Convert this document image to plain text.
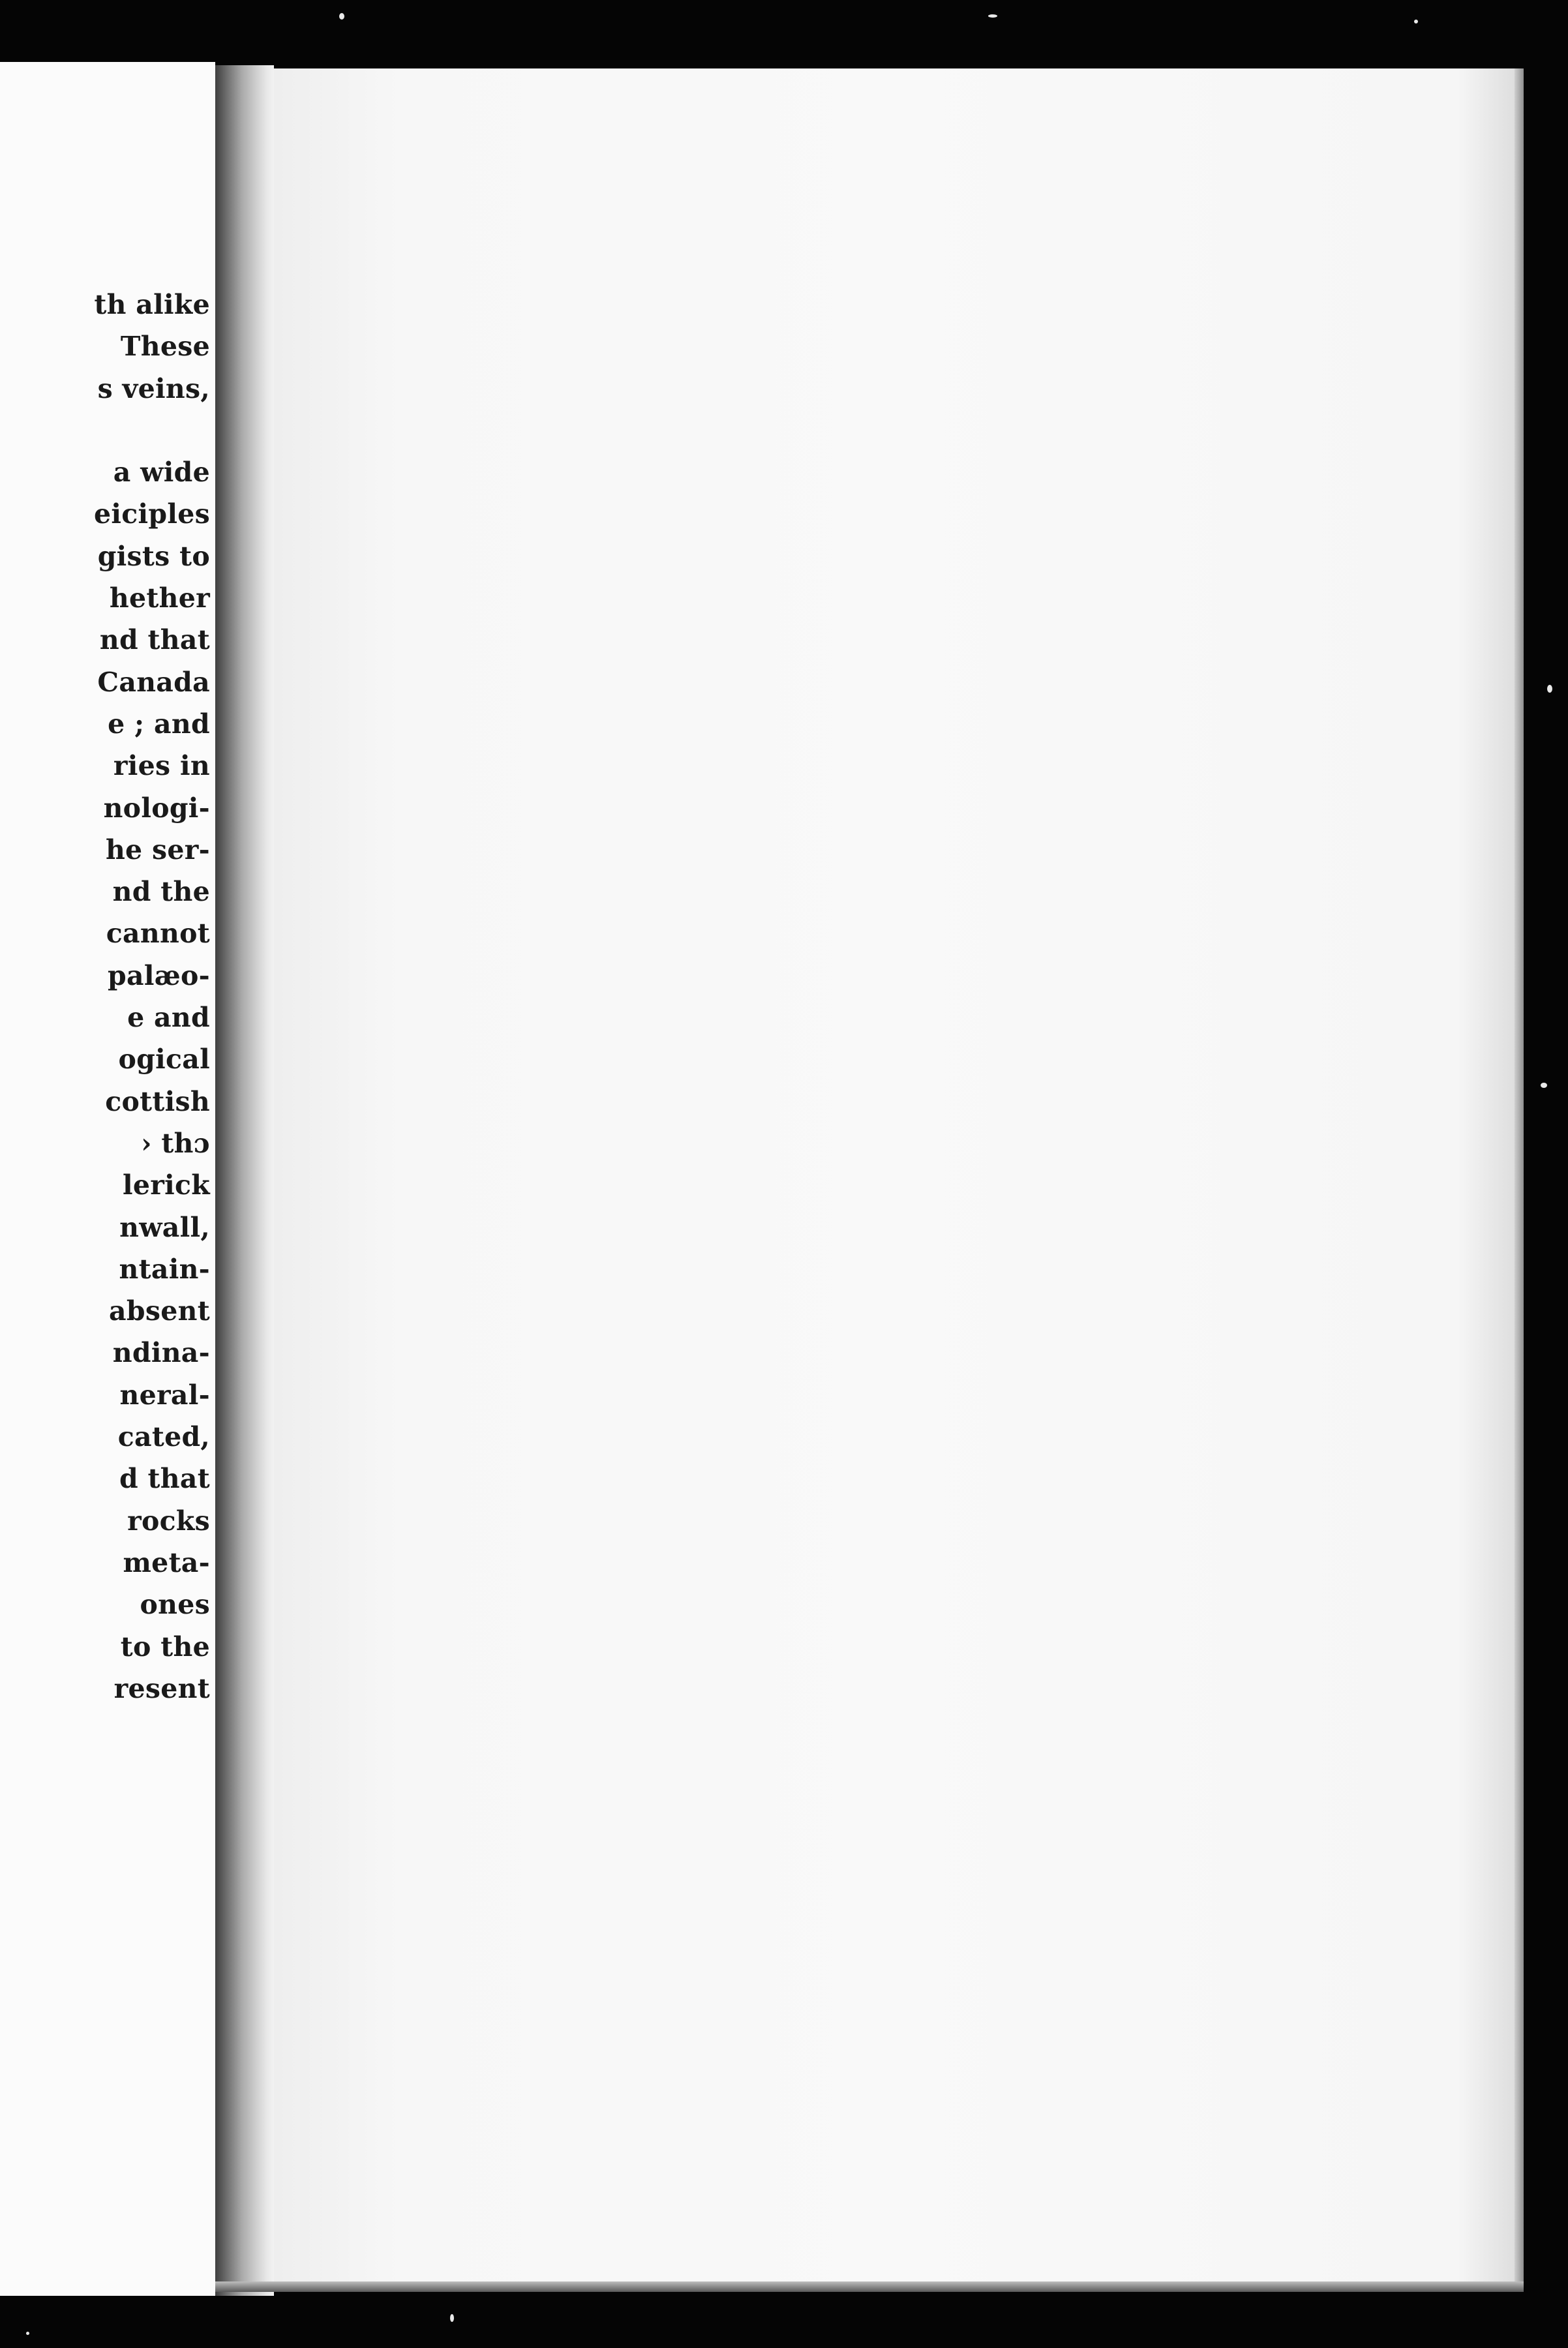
th alike
These
s veins,

a wide
eiciples
gists to
hether
nd that
Canada
e ; and
ries in
nologi-
he ser-
nd the
cannot
palæo-
e and
ogical
cottish
› thɔ
lerick
nwall,
ntain-
absent
ndina-
neral-
cated,
d that
rocks
meta-
ones
to the
resent
